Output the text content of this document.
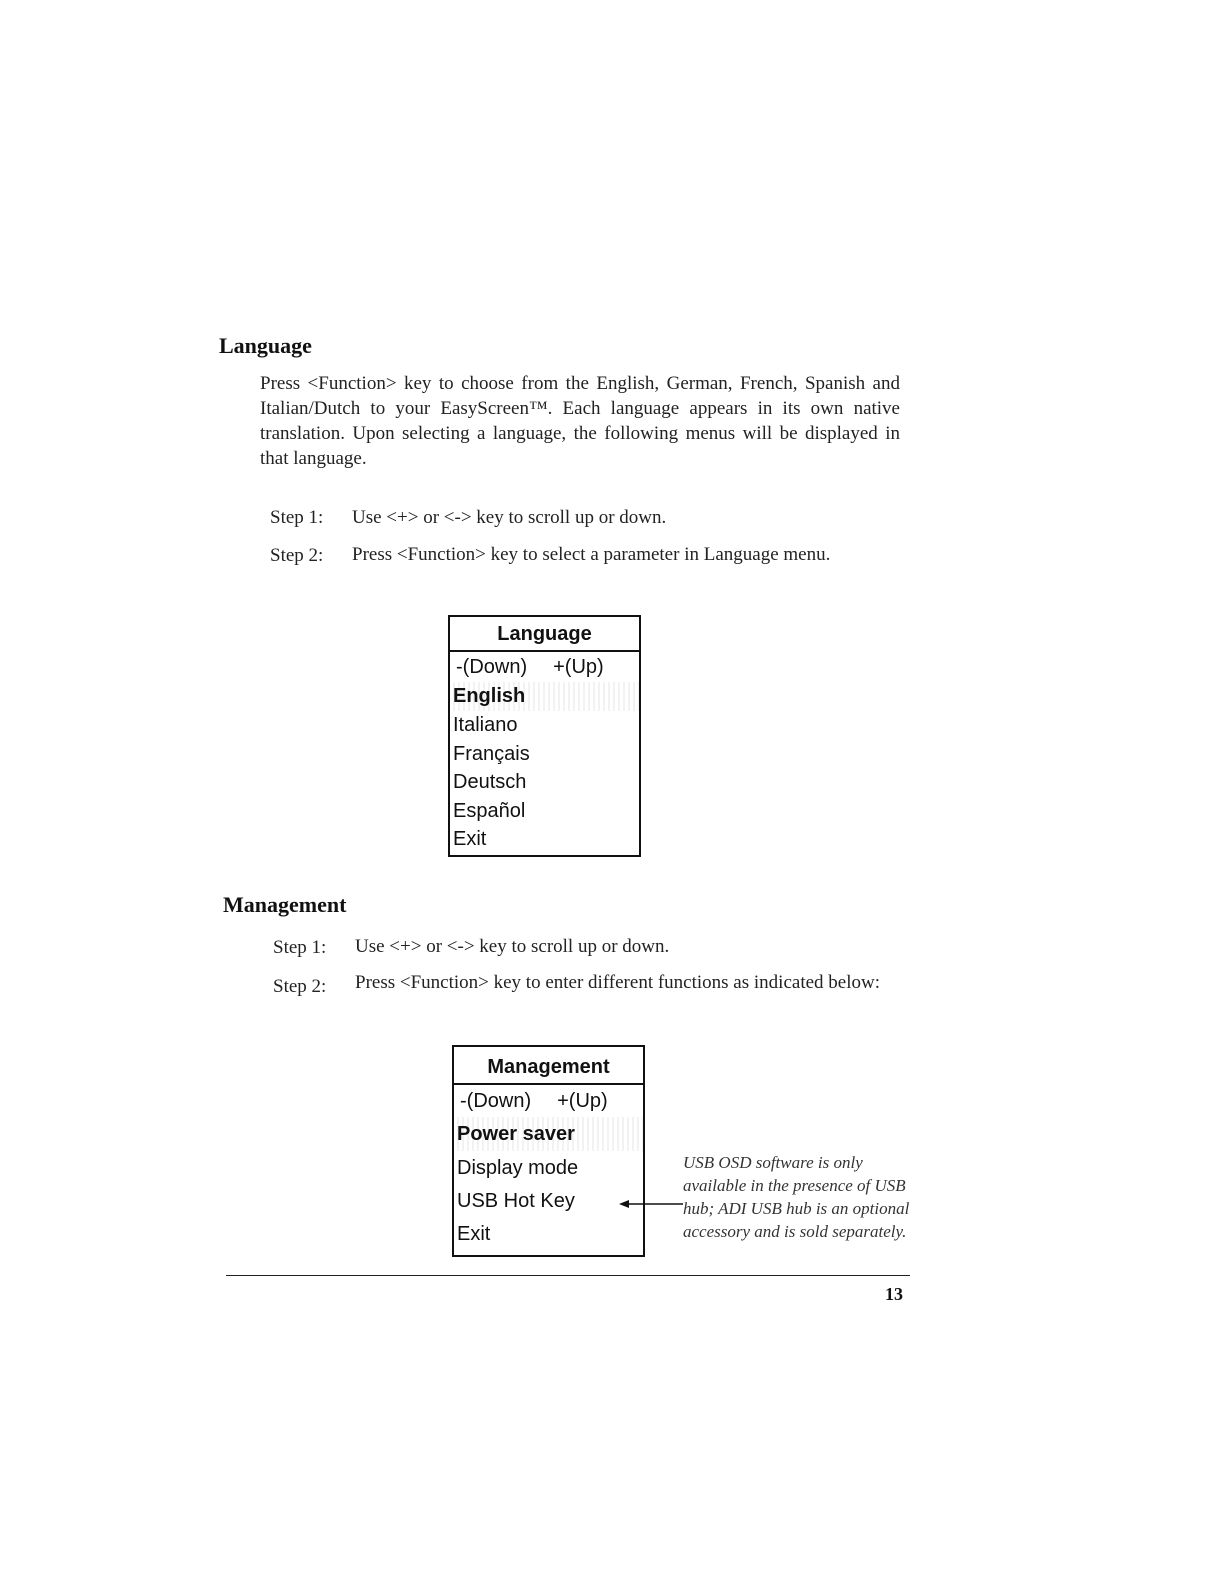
Language
Press <Function> key to choose from the English, German, French, Spanish and Italian/Dutch to your EasyScreen™. Each language appears in its own native translation. Upon selecting a language, the following menus will be displayed in that language.
Step 1: Use <+> or <-> key to scroll up or down.
Step 2: Press <Function> key to select a parameter in Language menu.
Language
-(Down) +(Up)
English
Italiano
Français
Deutsch
Español
Exit
Management
Step 1: Use <+> or <-> key to scroll up or down.
Step 2: Press <Function> key to enter different functions as indicated below:
Management
-(Down) +(Up)
Power saver
Display mode
USB Hot Key
Exit
USB OSD software is only available in the presence of USB hub; ADI USB hub is an optional accessory and is sold separately.
13
